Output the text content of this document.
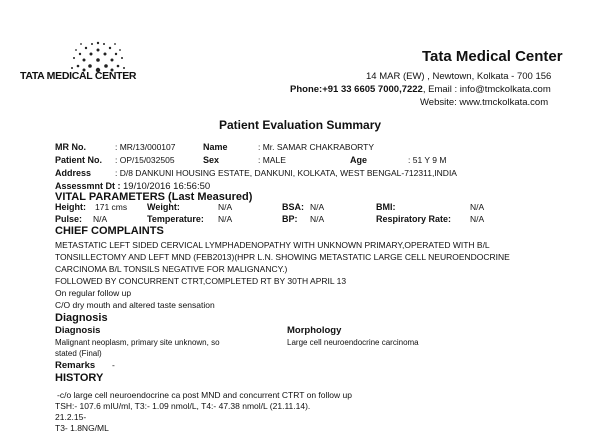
TATA MEDICAL CENTER
Tata Medical Center
14 MAR (EW) , Newtown, Kolkata - 700 156
Phone:+91 33 6605 7000,7222, Email : info@tmckolkata.com
Website: www.tmckolkata.com
Patient Evaluation Summary
MR No.	: MR/13/000107	Name	: Mr. SAMAR CHAKRABORTY
Patient No. : OP/15/032505	Sex	: MALE	Age	: 51 Y 9 M
Address	: D/8 DANKUNI HOUSING ESTATE, DANKUNI, KOLKATA, WEST BENGAL-712311,INDIA
Assessmnt Dt : 19/10/2016 16:56:50
VITAL PARAMETERS (Last Measured)
Height: 171 cms Weight:	N/A	BSA: N/A	BMI:	N/A
Pulse: N/A	Temperature: N/A	BP: N/A	Respiratory Rate: N/A
CHIEF COMPLAINTS
METASTATIC LEFT SIDED CERVICAL LYMPHADENOPATHY WITH UNKNOWN PRIMARY,OPERATED WITH B/L
TONSILLECTOMY AND LEFT MND (FEB2013)(HPR L.N. SHOWING METASTATIC LARGE CELL NEUROENDOCRINE
CARCINOMA B/L TONSILS NEGATIVE FOR MALIGNANCY.)
FOLLOWED BY CONCURRENT CTRT,COMPLETED RT BY 30TH APRIL 13
On regular follow up
C/O dry mouth and altered taste sensation
Diagnosis
Diagnosis
Malignant neoplasm, primary site unknown, so
stated (Final)
Morphology
Large cell neuroendocrine carcinoma
Remarks -
HISTORY
-c/o large cell neuroendocrine ca post MND and concurrent CTRT on follow up
TSH:- 107.6 mIU/ml, T3:- 1.09 nmol/L, T4:- 47.38 nmol/L (21.11.14).
21.2.15-
T3- 1.8NG/ML
